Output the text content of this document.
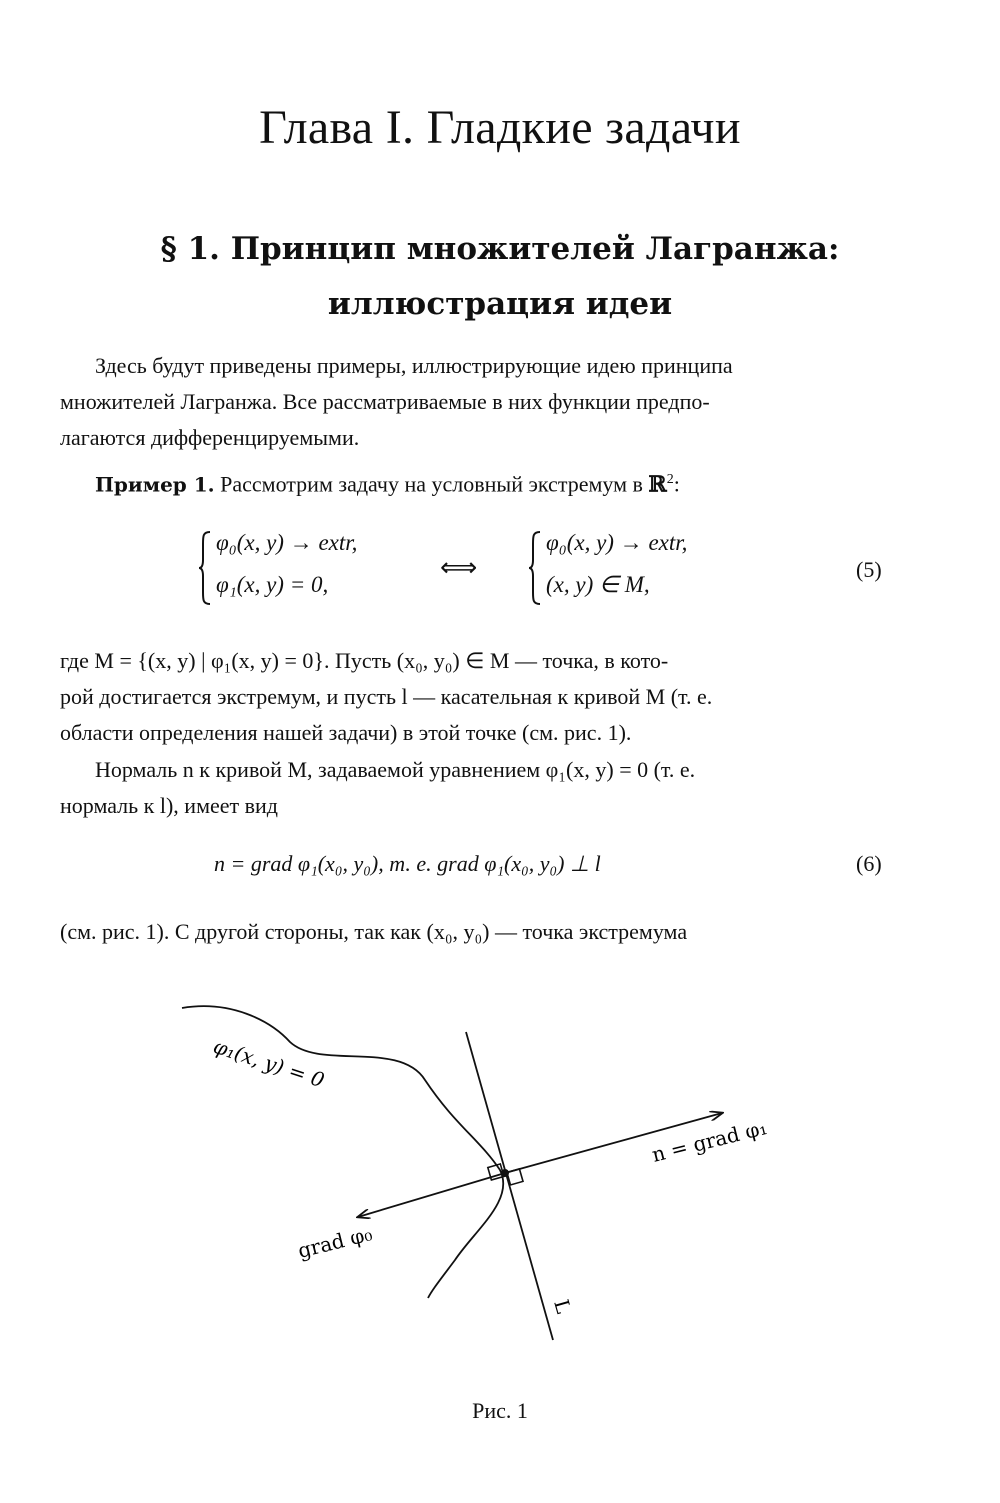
Глава I. Гладкие задачи
§ 1. Принцип множителей Лагранжа:
иллюстрация идеи
Здесь будут приведены примеры, иллюстрирующие идею принципа
множителей Лагранжа. Все рассматриваемые в них функции предпо-
лагаются дифференцируемыми.
Пример 1. Рассмотрим задачу на условный экстремум в ℝ$^2$:
φ₀(x, y) → extr,
φ₁(x, y) = 0,
⟺
φ₀(x, y) → extr,
(x, y) ∈ M,
(5)
где M = {(x, y) | φ₁(x, y) = 0}. Пусть (x₀, y₀) ∈ M — точка, в кото-
рой достигается экстремум, и пусть l — касательная к кривой M (т. е.
области определения нашей задачи) в этой точке (см. рис. 1).
Нормаль n к кривой M, задаваемой уравнением φ₁(x, y) = 0 (т. е.
нормаль к l), имеет вид
n = grad φ₁(x₀, y₀), т. е. grad φ₁(x₀, y₀) ⊥ l	(6)
(см. рис. 1). С другой стороны, так как (x₀, y₀) — точка экстремума
φ₁(x, y) = 0
n = grad φ₁
grad φ₀
L
Рис. 1
